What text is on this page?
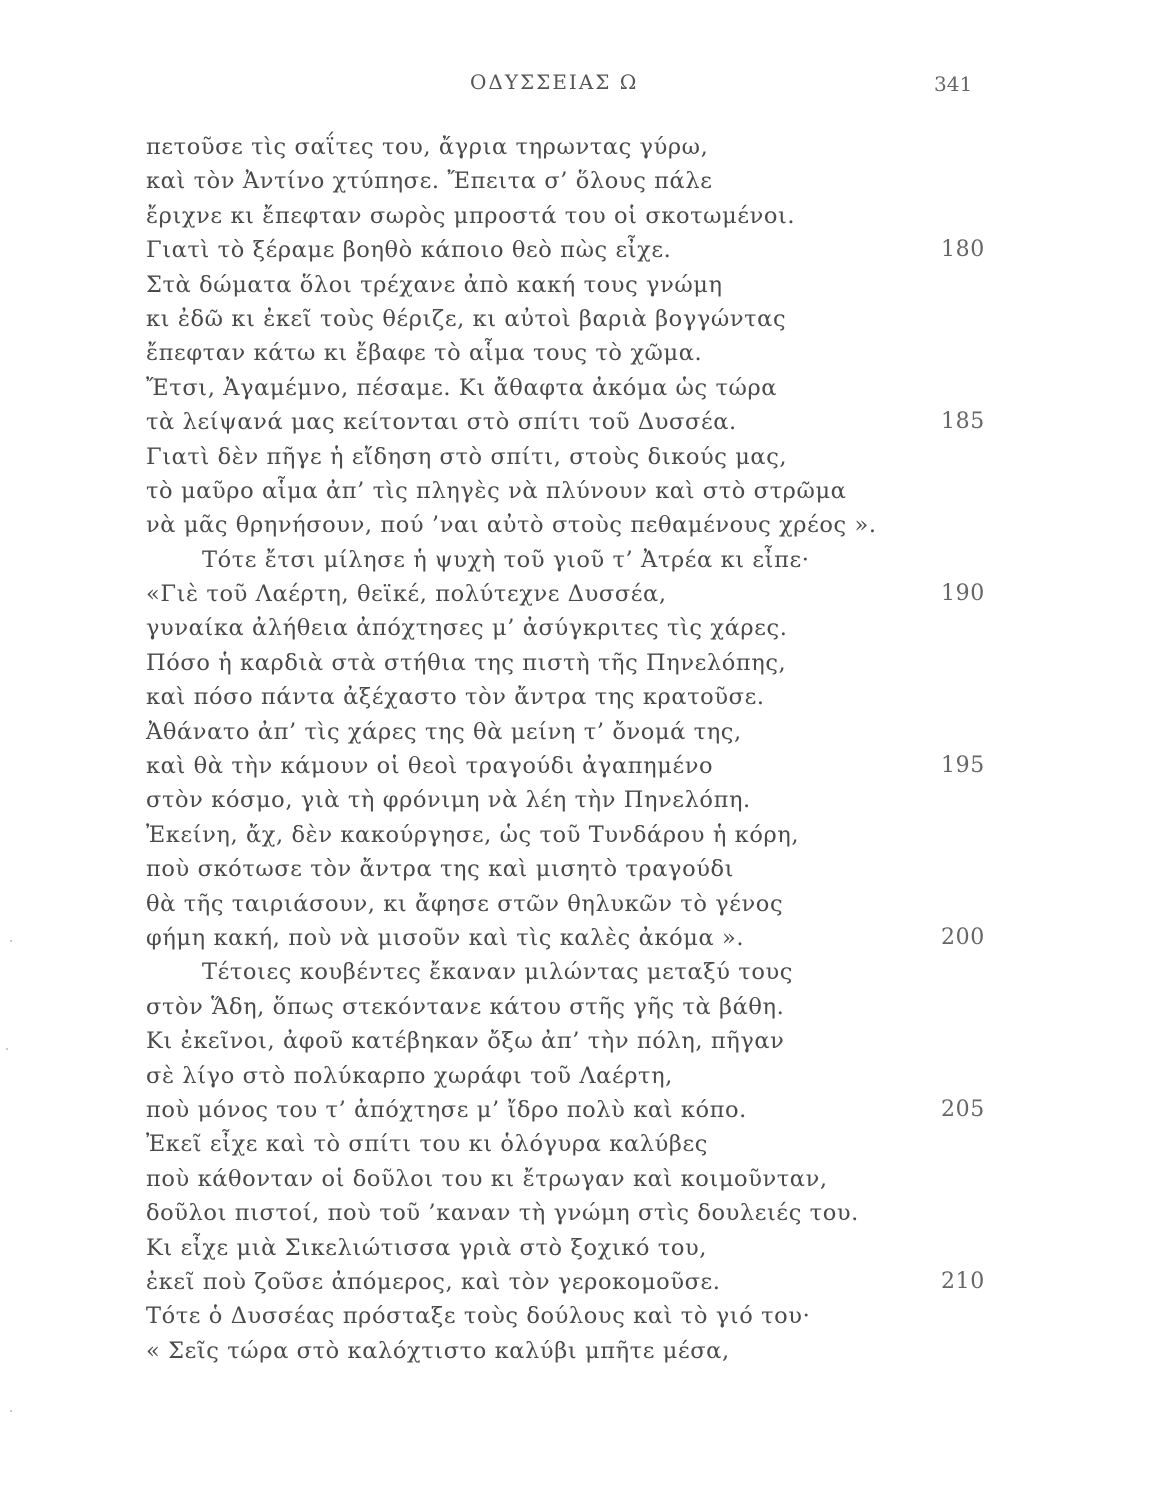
ΟΔΥΣΣΕΙΑΣ Ω	341
πετοῦσε τὶς σαΐτες του, ἄγρια τηρωντας γύρω,
καὶ τὸν Ἀντίνο χτύπησε. Ἔπειτα σ’ ὅλους πάλε
ἔριχνε κι ἔπεφταν σωρὸς μπροστά του οἱ σκοτωμένοι.
Γιατὶ τὸ ξέραμε βοηθὸ κάποιο θεὸ πὼς εἶχε.	180
Στὰ δώματα ὅλοι τρέχανε ἀπὸ κακή τους γνώμη
κι ἐδῶ κι ἐκεῖ τοὺς θέριζε, κι αὐτοὶ βαριὰ βογγώντας
ἔπεφταν κάτω κι ἔβαφε τὸ αἷμα τους τὸ χῶμα.
Ἔτσι, Ἀγαμέμνο, πέσαμε. Κι ἄθαφτα ἀκόμα ὡς τώρα
τὰ λείψανά μας κείτονται στὸ σπίτι τοῦ Δυσσέα.	185
Γιατὶ δὲν πῆγε ἡ εἴδηση στὸ σπίτι, στοὺς δικούς μας,
τὸ μαῦρο αἷμα ἀπ’ τὶς πληγὲς νὰ πλύνουν καὶ στὸ στρῶμα
νὰ μᾶς θρηνήσουν, πού ’ναι αὐτὸ στοὺς πεθαμένους χρέος ».
Τότε ἔτσι μίλησε ἡ ψυχὴ τοῦ γιοῦ τ’ Ἀτρέα κι εἶπε·
«Γιὲ τοῦ Λαέρτη, θεϊκέ, πολύτεχνε Δυσσέα,	190
γυναίκα ἀλήθεια ἀπόχτησες μ’ ἀσύγκριτες τὶς χάρες.
Πόσο ἡ καρδιὰ στὰ στήθια της πιστὴ τῆς Πηνελόπης,
καὶ πόσο πάντα ἀξέχαστο τὸν ἄντρα της κρατοῦσε.
Ἀθάνατο ἀπ’ τὶς χάρες της θὰ μείνη τ’ ὄνομά της,
καὶ θὰ τὴν κάμουν οἱ θεοὶ τραγούδι ἀγαπημένο	195
στὸν κόσμο, γιὰ τὴ φρόνιμη νὰ λέη τὴν Πηνελόπη.
Ἐκείνη, ἄχ, δὲν κακούργησε, ὡς τοῦ Τυνδάρου ἡ κόρη,
ποὺ σκότωσε τὸν ἄντρα της καὶ μισητὸ τραγούδι
θὰ τῆς ταιριάσουν, κι ἄφησε στῶν θηλυκῶν τὸ γένος
φήμη κακή, ποὺ νὰ μισοῦν καὶ τὶς καλὲς ἀκόμα ».	200
Τέτοιες κουβέντες ἔκαναν μιλώντας μεταξύ τους
στὸν Ἅδη, ὅπως στεκόντανε κάτου στῆς γῆς τὰ βάθη.
Κι ἐκεῖνοι, ἀφοῦ κατέβηκαν ὄξω ἀπ’ τὴν πόλη, πῆγαν
σὲ λίγο στὸ πολύκαρπο χωράφι τοῦ Λαέρτη,
ποὺ μόνος του τ’ ἀπόχτησε μ’ ἴδρο πολὺ καὶ κόπο.	205
Ἐκεῖ εἶχε καὶ τὸ σπίτι του κι ὁλόγυρα καλύβες
ποὺ κάθονταν οἱ δοῦλοι του κι ἔτρωγαν καὶ κοιμοῦνταν,
δοῦλοι πιστοί, ποὺ τοῦ ’καναν τὴ γνώμη στὶς δουλειές του.
Κι εἶχε μιὰ Σικελιώτισσα γριὰ στὸ ξοχικό του,
ἐκεῖ ποὺ ζοῦσε ἀπόμερος, καὶ τὸν γεροκομοῦσε.	210
Τότε ὁ Δυσσέας πρόσταξε τοὺς δούλους καὶ τὸ γιό του·
« Σεῖς τώρα στὸ καλόχτιστο καλύβι μπῆτε μέσα,
